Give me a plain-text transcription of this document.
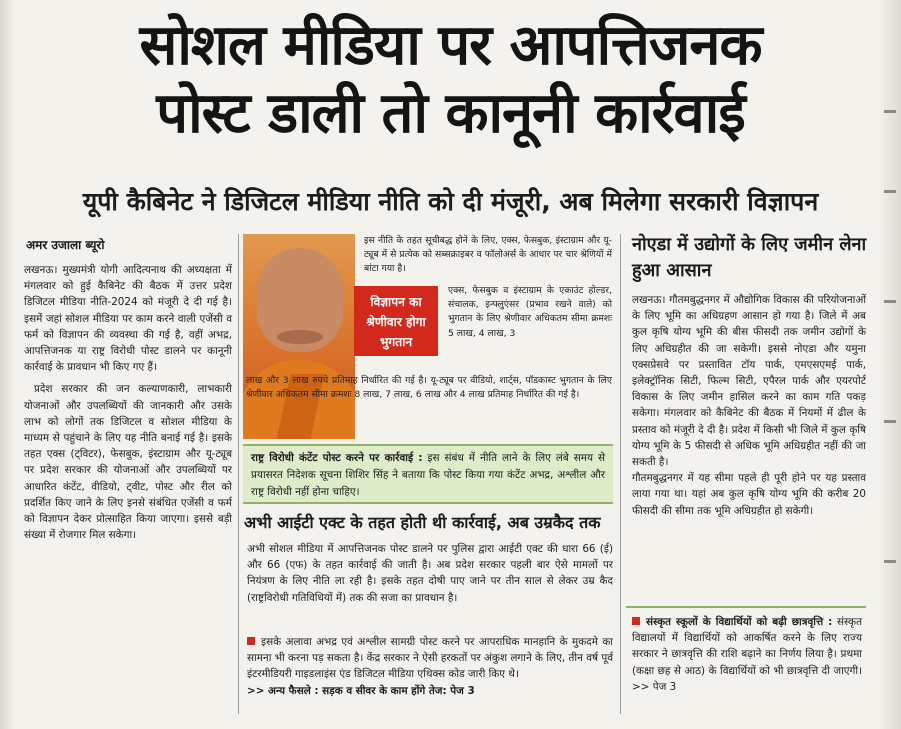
सोशल मीडिया पर आपत्तिजनक
पोस्ट डाली तो कानूनी कार्रवाई
यूपी कैबिनेट ने डिजिटल मीडिया नीति को दी मंजूरी, अब मिलेगा सरकारी विज्ञापन
अमर उजाला ब्यूरो

लखनऊ। मुख्यमंत्री योगी आदित्यनाथ की अध्यक्षता में मंगलवार को हुई कैबिनेट की बैठक में उत्तर प्रदेश डिजिटल मीडिया नीति-2024 को मंजूरी दे दी गई है। इसमें जहां सोशल मीडिया पर काम करने वाली एजेंसी व फर्म को विज्ञापन की व्यवस्था की गई है, वहीं अभद्र, आपत्तिजनक या राष्ट्र विरोधी पोस्ट डालने पर कानूनी कार्रवाई के प्रावधान भी किए गए हैं।

प्रदेश सरकार की जन कल्याणकारी, लाभकारी योजनाओं और उपलब्धियों की जानकारी और उसके लाभ को लोगों तक डिजिटल व सोशल मीडिया के माध्यम से पहुंचाने के लिए यह नीति बनाई गई है। इसके तहत एक्स (ट्विटर), फेसबुक, इंस्टाग्राम और यू-ट्यूब पर प्रदेश सरकार की योजनाओं और उपलब्धियों पर आधारित कंटेंट, वीडियो, ट्वीट, पोस्ट और रील को प्रदर्शित किए जाने के लिए इनसे संबंधित एजेंसी व फर्म को विज्ञापन देकर प्रोत्साहित किया जाएगा। इससे बड़ी संख्या में रोजगार मिल सकेगा।

विज्ञापन का श्रेणीवार होगा भुगतान
इस नीति के तहत सूचीबद्ध होने के लिए, एक्स, फेसबुक, इंस्टाग्राम और यू-ट्यूब में से प्रत्येक को सब्सक्राइबर व फॉलोअर्स के आधार पर चार श्रेणियों में बांटा गया है।
एक्स, फेसबुक व इंस्टाग्राम के एकाउंट होल्डर, संचालक, इन्फ्लुएंसर (प्रभाव रखने वाले) को भुगतान के लिए श्रेणीवार अधिकतम सीमा क्रमशः 5 लाख, 4 लाख, 3
लाख और 3 लाख रुपये प्रतिमाह निर्धारित की गई है। यू-ट्यूब पर वीडियो, शार्ट्स, पॉडकास्ट भुगतान के लिए श्रेणीवार अधिकतम सीमा क्रमशः 8 लाख, 7 लाख, 6 लाख और 4 लाख प्रतिमाह निर्धारित की गई है।
राष्ट्र विरोधी कंटेंट पोस्ट करने पर कार्रवाई : इस संबंध में नीति लाने के लिए लंबे समय से प्रयासरत निदेशक सूचना शिशिर सिंह ने बताया कि पोस्ट किया गया कंटेंट अभद्र, अश्लील और राष्ट्र विरोधी नहीं होना चाहिए।
अभी आईटी एक्ट के तहत होती थी कार्रवाई, अब उम्रकैद तक
अभी सोशल मीडिया में आपत्तिजनक पोस्ट डालने पर पुलिस द्वारा आईटी एक्ट की धारा 66 (ई) और 66 (एफ) के तहत कार्रवाई की जाती है। अब प्रदेश सरकार पहली बार ऐसे मामलों पर नियंत्रण के लिए नीति ला रही है। इसके तहत दोषी पाए जाने पर तीन साल से लेकर उम्र कैद (राष्ट्रविरोधी गतिविधियों में) तक की सजा का प्रावधान है।
इसके अलावा अभद्र एवं अश्लील सामग्री पोस्ट करने पर आपराधिक मानहानि के मुकदमे का सामना भी करना पड़ सकता है। केंद्र सरकार ने ऐसी हरकतों पर अंकुश लगाने के लिए, तीन वर्ष पूर्व इंटरमीडियरी गाइडलाइंस एंड डिजिटल मीडिया एथिक्स कोड जारी किए थे।
>> अन्य फैसले : सड़क व सीवर के काम होंगे तेज: पेज 3
नोएडा में उद्योगों के लिए जमीन लेना हुआ आसान

लखनऊ। गौतमबुद्धनगर में औद्योगिक विकास की परियोजनाओं के लिए भूमि का अधिग्रहण आसान हो गया है। जिले में अब कुल कृषि योग्य भूमि की बीस फीसदी तक जमीन उद्योगों के लिए अधिग्रहीत की जा सकेगी। इससे नोएडा और यमुना एक्सप्रेसवे पर प्रस्तावित टॉय पार्क, एमएसएमई पार्क, इलेक्ट्रॉनिक सिटी, फिल्म सिटी, एपैरल पार्क और एयरपोर्ट विकास के लिए जमीन हासिल करने का काम गति पकड़ सकेगा। मंगलवार को कैबिनेट की बैठक में नियमों में ढील के प्रस्ताव को मंजूरी दे दी है। प्रदेश में किसी भी जिले में कुल कृषि योग्य भूमि के 5 फीसदी से अधिक भूमि अधिग्रहीत नहीं की जा सकती है।

गौतमबुद्धनगर में यह सीमा पहले ही पूरी होने पर यह प्रस्ताव लाया गया था। यहां अब कुल कृषि योग्य भूमि की करीब 20 फीसदी की सीमा तक भूमि अधिग्रहीत हो सकेगी।

संस्कृत स्कूलों के विद्यार्थियों को बढ़ी छात्रवृत्ति : संस्कृत विद्यालयों में विद्यार्थियों को आकर्षित करने के लिए राज्य सरकार ने छात्रवृत्ति की राशि बढ़ाने का निर्णय लिया है। प्रथमा (कक्षा छह से आठ) के विद्यार्थियों को भी छात्रवृत्ति दी जाएगी। >> पेज 3
